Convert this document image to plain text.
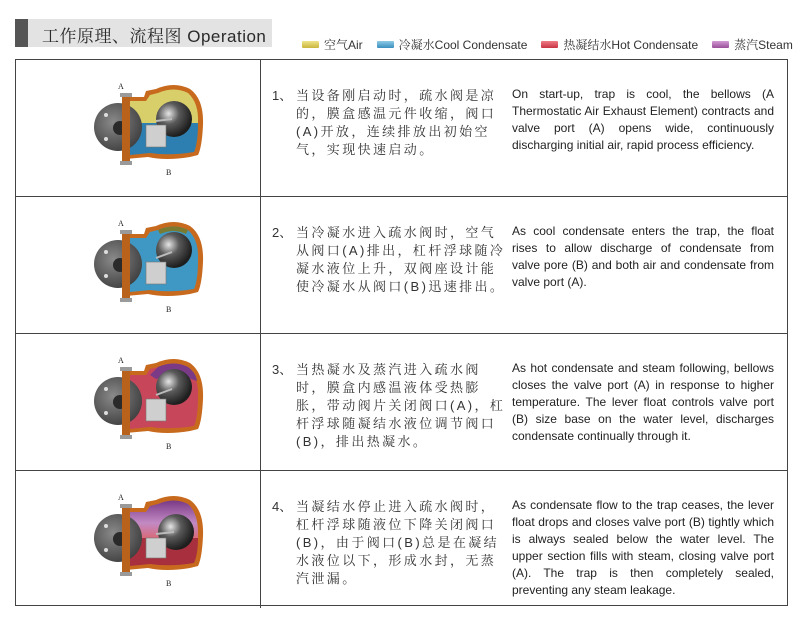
工作原理、流程图 Operation	空气Air	冷凝水Cool Condensate	热凝结水Hot Condensate	蒸汽Steam
A
B
1、 当设备刚启动时，疏水阀是凉的，膜盒感温元件收缩，阀口(A)开放，连续排放出初始空气，实现快速启动。
On start-up, trap is cool, the bellows (A Thermostatic Air Exhaust Element) contracts and valve port (A) opens wide, continuously discharging initial air, rapid process efficiency.
A
B
2、 当冷凝水进入疏水阀时，空气从阀口(A)排出，杠杆浮球随冷凝水液位上升，双阀座设计能使冷凝水从阀口(B)迅速排出。
As cool condensate enters the trap, the float rises to allow discharge of condensate from valve pore (B) and both air and condensate from valve port (A).
A
B
3、 当热凝水及蒸汽进入疏水阀时，膜盒内感温液体受热膨胀，带动阀片关闭阀口(A)，杠杆浮球随凝结水液位调节阀口(B)，排出热凝水。
As hot condensate and steam following, bellows closes the valve port (A) in response to higher temperature. The lever float controls valve port (B) size base on the water level, discharges condensate continually through it.
A
B
4、 当凝结水停止进入疏水阀时，杠杆浮球随液位下降关闭阀口(B)，由于阀口(B)总是在凝结水液位以下，形成水封，无蒸汽泄漏。
As condensate flow to the trap ceases, the lever float drops and closes valve port (B) tightly which is always sealed below the water level. The upper section fills with steam, closing valve port (A). The trap is then completely sealed, preventing any steam leakage.
